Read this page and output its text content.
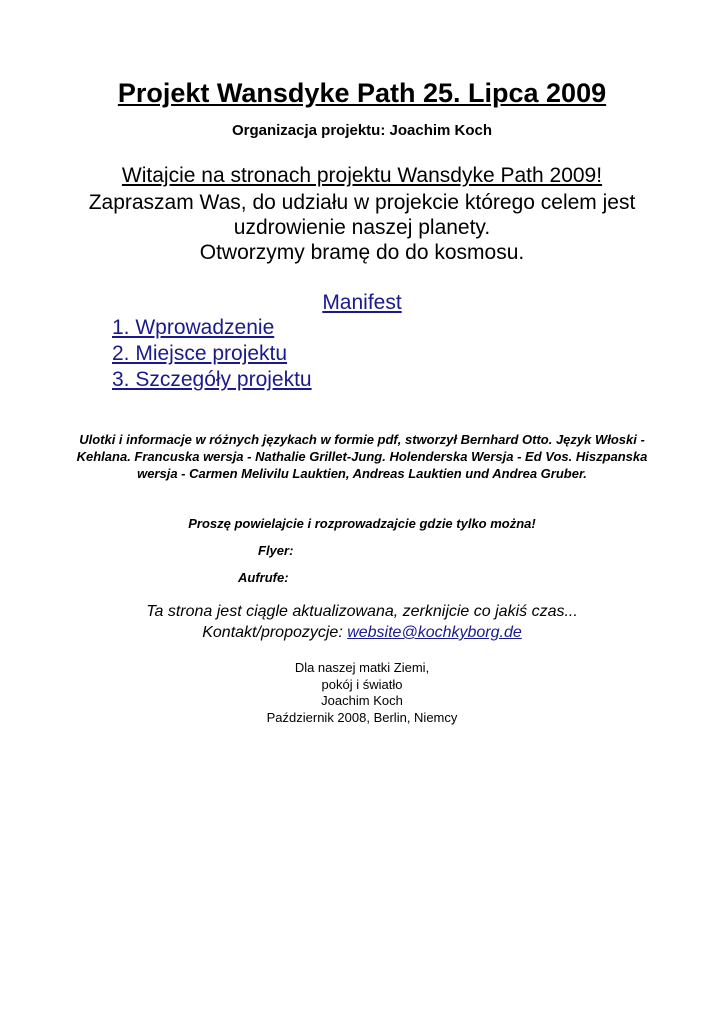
Projekt Wansdyke Path 25. Lipca 2009
Organizacja projektu: Joachim Koch
Witajcie na stronach projektu Wansdyke Path 2009!
Zapraszam Was, do udziału w projekcie którego celem jest
uzdrowienie naszej planety.
Otworzymy bramę do do kosmosu.
Manifest
1. Wprowadzenie
2. Miejsce projektu
3. Szczegóły projektu
Ulotki i informacje w różnych językach w formie pdf, stworzył Bernhard Otto. Język Włoski - Kehlana. Francuska wersja - Nathalie Grillet-Jung. Holenderska Wersja - Ed Vos. Hiszpanska wersja - Carmen Melivilu Lauktien, Andreas Lauktien und Andrea Gruber.
Proszę powielajcie i rozprowadzajcie gdzie tylko można!
Flyer:
Aufrufe:
Ta strona jest ciągle aktualizowana, zerknijcie co jakiś czas...
Kontakt/propozycje: website@kochkyborg.de
Dla naszej matki Ziemi,
pokój i światło
Joachim Koch
Październik 2008, Berlin, Niemcy
